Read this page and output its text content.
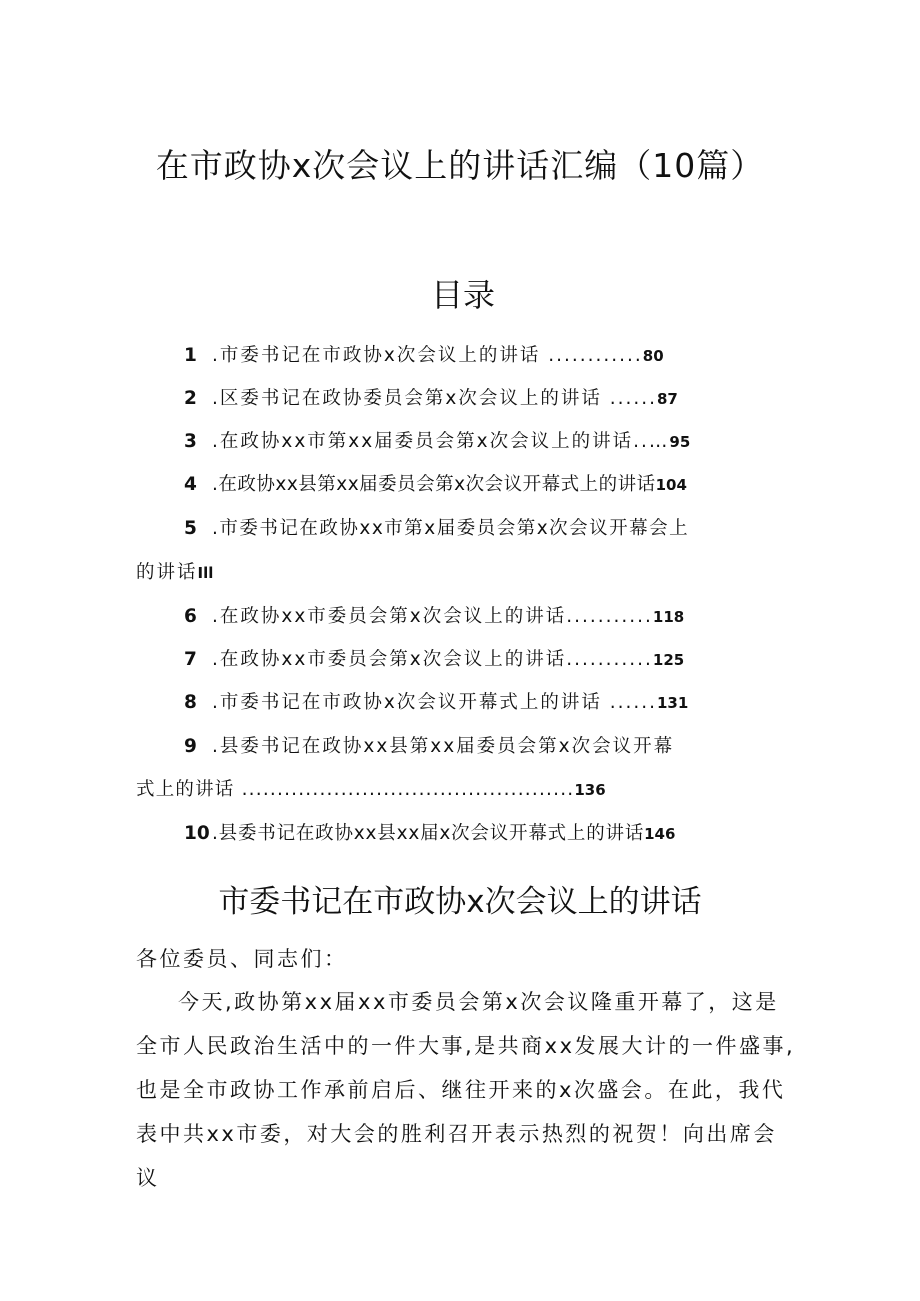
在市政协x次会议上的讲话汇编（10篇）
目录
1 .市委书记在市政协x次会议上的讲话 ............80
2 .区委书记在政协委员会第x次会议上的讲话 ......87
3 .在政协xx市第xx届委员会第x次会议上的讲话..…95
4 .在政协xx县第xx届委员会第x次会议开幕式上的讲话104
5 .市委书记在政协xx市第x届委员会第x次会议开幕会上
的讲话Ill
6 .在政协xx市委员会第x次会议上的讲话...........118
7 .在政协xx市委员会第x次会议上的讲话...........125
8 .市委书记在市政协x次会议开幕式上的讲话 ......131
9 .县委书记在政协xx县第xx届委员会第x次会议开幕
式上的讲话 ...............................................136
10 .县委书记在政协xx县xx届x次会议开幕式上的讲话146
市委书记在市政协x次会议上的讲话
各位委员、同志们：
今天,政协第xx届xx市委员会第x次会议隆重开幕了，这是全市人民政治生活中的一件大事,是共商xx发展大计的一件盛事,也是全市政协工作承前启后、继往开来的x次盛会。在此，我代表中共xx市委，对大会的胜利召开表示热烈的祝贺！向出席会议
